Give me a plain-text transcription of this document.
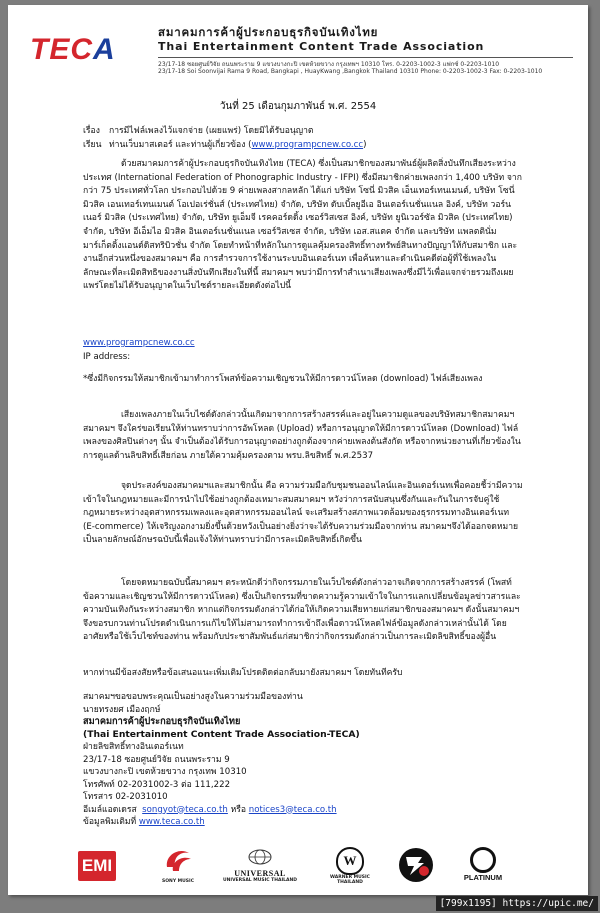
TECA
สมาคมการค้าผู้ประกอบธุรกิจบันเทิงไทย
Thai Entertainment Content Trade Association
23/17-18 ซอยศูนย์วิจัย ถนนพระราม 9 แขวงบางกะปิ เขตห้วยขวาง กรุงเทพฯ 10310 โทร. 0-2203-1002-3 แฟกซ์ 0-2203-1010
23/17-18 Soi Soonvijai Rama 9 Road, Bangkapi , HuayKwang ,Bangkok Thailand 10310 Phone: 0-2203-1002-3 Fax: 0-2203-1010
วันที่ 25 เดือนกุมภาพันธ์ พ.ศ. 2554

เรื่อง การมีไฟล์เพลงไว้แจกจ่าย (เผยแพร่) โดยมิได้รับอนุญาต

เรียน ท่านเว็บมาสเตอร์ และท่านผู้เกี่ยวข้อง (www.programpcnew.co.cc)

ด้วยสมาคมการค้าผู้ประกอบธุรกิจบันเทิงไทย (TECA) ซึ่งเป็นสมาชิกของสมาพันธ์ผู้ผลิตสิ่งบันทึกเสียงระหว่างประเทศ (International Federation of Phonographic Industry - IFPI) ซึ่งมีสมาชิกค่ายเพลงกว่า 1,400 บริษัท จากกว่า 75 ประเทศทั่วโลก ประกอบไปด้วย 9 ค่ายเพลงสากลหลัก ได้แก่ บริษัท โซนี่ มิวสิค เอ็นเทอร์เทนเมนต์, บริษัท โซนี่ มิวสิค เอนเทอร์เทนเมนต์ โอเปอเร่ชั่นส์ (ประเทศไทย) จำกัด, บริษัท ดับเบิ้ลยูอีเอ อินเตอร์เนชั่นแนล อิงค์, บริษัท วอร์นเนอร์ มิวสิค (ประเทศไทย) จำกัด, บริษัท ยูเอ็มจี เรคคอร์ดดิ้ง เซอร์วิสเซส อิงค์, บริษัท ยูนิเวอร์ซัล มิวสิค (ประเทศไทย) จำกัด, บริษัท อีเอ็มไอ มิวสิค อินเตอร์เนชั่นแนล เซอร์วิสเซส จำกัด, บริษัท เอส.สแตค จำกัด และบริษัท แพลตตินั่ม มาร์เก็ตติ้งแอนด์ดิสทริบิวชั่น จำกัด โดยทำหน้าที่หลักในการดูแลคุ้มครองสิทธิ์ทางทรัพย์สินทางปัญญาให้กับสมาชิก และงานอีกส่วนหนึ่งของสมาคมฯ คือ การสำรวจการใช้งานระบบอินเตอร์เนท เพื่อค้นหาและดำเนินคดีต่อผู้ที่ใช้เพลงในลักษณะที่ละเมิดสิทธิของงานสิ่งบันทึกเสียงในที่นี้ สมาคมฯ พบว่ามีการทำสำเนาเสียงเพลงซึ่งมีไว้เพื่อแจกจ่ายรวมถึงเผยแพร่โดยไม่ได้รับอนุญาตในเว็บไซต์รายละเอียดดังต่อไปนี้

www.programpcnew.co.cc

IP address:

*ซึ่งมีกิจกรรมให้สมาชิกเข้ามาทำการโพสท์ข้อความเชิญชวนให้มีการดาวน์โหลด (download) ไฟล์เสียงเพลง

เสียงเพลงภายในเว็บไซต์ดังกล่าวนั้นเกิดมาจากการสร้างสรรค์และอยู่ในความดูแลของบริษัทสมาชิกสมาคมฯ สมาคมฯ จึงใคร่ขอเรียนให้ท่านทราบว่าการอัพโหลด (Upload) หรือการอนุญาตให้มีการดาวน์โหลด (Download) ไฟล์เพลงของศิลปินต่างๆ นั้น จำเป็นต้องได้รับการอนุญาตอย่างถูกต้องจากค่ายเพลงต้นสังกัด หรือจากหน่วยงานที่เกี่ยวข้องในการดูแลด้านลิขสิทธิ์เสียก่อน ภายใต้ความคุ้มครองตาม พรบ.ลิขสิทธิ์ พ.ศ.2537

จุดประสงค์ของสมาคมฯและสมาชิกนั้น คือ ความร่วมมือกับชุมชนออนไลน์และอินเตอร์เนทเพื่อคอยชี้ว่ามีความเข้าใจในกฎหมายและมีการนำไปใช้อย่างถูกต้องเหมาะสมสมาคมฯ หวังว่าการสนับสนุนซึ่งกันและกันในการจับคู่ใช้กฎหมายระหว่างอุตสาหกรรมเพลงและอุตสาหกรรมออนไลน์ จะเสริมสร้างสภาพแวดล้อมของธุรกรรมทางอินเตอร์เนท (E-commerce) ให้เจริญงอกงามยิ่งขึ้นด้วยหวังเป็นอย่างยิ่งว่าจะได้รับความร่วมมือจากท่าน สมาคมฯจึงได้ออกจดหมายเป็นลายลักษณ์อักษรฉบับนี้เพื่อแจ้งให้ท่านทราบว่ามีการละเมิดลิขสิทธิ์เกิดขึ้น

โดยจดหมายฉบับนี้สมาคมฯ ตระหนักดีว่ากิจกรรมภายในเว็บไซต์ดังกล่าวอาจเกิดจากการสร้างสรรค์ (โพสท์ข้อความและเชิญชวนให้มีการดาวน์โหลด) ซึ่งเป็นกิจกรรมที่ขาดความรู้ความเข้าใจในการแลกเปลี่ยนข้อมูลข่าวสารและความบันเทิงกันระหว่างสมาชิก หากแต่กิจกรรมดังกล่าวได้ก่อให้เกิดความเสียหายแก่สมาชิกของสมาคมฯ ดังนั้นสมาคมฯ จึงขอรบกวนท่านโปรดดำเนินการแก้ไขให้ไม่สามารถทำการเข้าถึงเพื่อดาวน์โหลดไฟล์ข้อมูลดังกล่าวเหล่านั้นได้ โดยอาศัยหรือใช้เว็บไซท์ของท่าน พร้อมกับประชาสัมพันธ์แก่สมาชิกว่ากิจกรรมดังกล่าวเป็นการละเมิดลิขสิทธิ์ของผู้อื่น

หากท่านมีข้อสงสัยหรือข้อเสนอแนะเพิ่มเติมโปรดติดต่อกลับมายังสมาคมฯ โดยทันทีครับ

สมาคมฯขอขอบพระคุณเป็นอย่างสูงในความร่วมมือของท่าน

นายทรงยศ เมืองฤกษ์

สมาคมการค้าผู้ประกอบธุรกิจบันเทิงไทย

(Thai Entertainment Content Trade Association-TECA)

ฝ่ายลิขสิทธิ์ทางอินเตอร์เนท

23/17-18 ซอยศูนย์วิจัย ถนนพระราม 9

แขวงบางกะปิ เขตห้วยขวาง กรุงเทพ 10310

โทรศัพท์ 02-2031002-3 ต่อ 111,222

โทรสาร 02-2031010

อีเมล์แอดเดรส songyot@teca.co.th หรือ notices3@teca.co.th

ข้อมูลพิมเติมที่ www.teca.co.th

EMI
SONY MUSIC
UNIVERSAL
UNIVERSAL MUSIC THAILAND
W
WARNER MUSIC
THAILAND
PLATINUM
[799x1195] https://upic.me/
